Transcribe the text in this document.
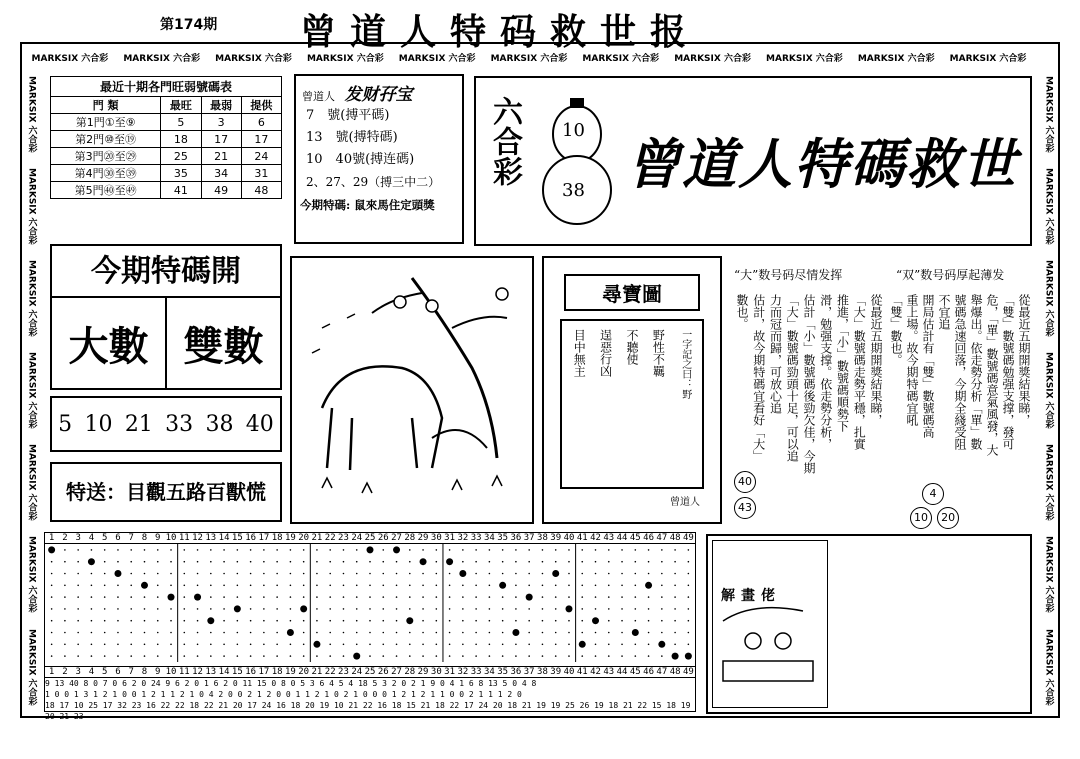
第174期 曾道人特码救世报
MARKSIX 六合彩 MARKSIX 六合彩 MARKSIX 六合彩 MARKSIX 六合彩 MARKSIX 六合彩 MARKSIX 六合彩 MARKSIX 六合彩 MARKSIX 六合彩 MARKSIX 六合彩 MARKSIX 六合彩 MARKSIX 六合彩
MARKSIX 六合彩
MARKSIX 六合彩
MARKSIX 六合彩
MARKSIX 六合彩
MARKSIX 六合彩
MARKSIX 六合彩
MARKSIX 六合彩
MARKSIX 六合彩
MARKSIX 六合彩
MARKSIX 六合彩
MARKSIX 六合彩
MARKSIX 六合彩
MARKSIX 六合彩
MARKSIX 六合彩
最近十期各門旺弱號碼表
門 類	最旺	最弱	提供
第1門①至⑨	5	3	6
第2門⑩至⑲	18	17	17
第3門⑳至㉙	25	21	24
第4門㉚至㊴	35	34	31
第5門㊵至㊾	41	49	48
曾道人 发财孖宝
7　號(搏平碼)
13　號(搏特碼)
10　40號(搏连碼)
2、27、29（搏三中二）
今期特碼: 鼠來馬住定頭獎
六合彩 10
38 曾道人特碼救世
今期特碼開
大數 雙數
5 10 21 33 38 40
特送：目觀五路百獸慌
尋寶圖
一字記之曰：野
野性不羈
不聽使
逞惡行凶
目中無主
曾道人
“大”数号码尽情发挥	“双”数号码厚起薄发
從最近五期開獎結果睇，
「大」數號碼走勢平穩，扎實
推進，「小」數號碼順勢下
滑，勉强支撑。依走勢分析，
估計「小」數號碼後勁欠佳，今期
「大」數號碼勁頭十足，可以追
力而冠而歸，可放心追
估計，故今期特碼宜看好「大」
數也。	從最近五期開獎結果睇，
「雙」數號碼勉强支撑，發可
危，「單」數號碼意氣風發，大
舉爆出。依走勢分析「單」數
號碼急速回落，今期全綫受阻
不宜追
開局估計有「雙」數號碼高
重上場。故今期特碼宜吼
「雙」數也。
40
43
4
10 20
1 2 3 4 5 6 7 8 9 10 11 12 13 14 15 16 17 18 19 20 21 22 23 24 25 26 27 28 29 30 31 32 33 34 35 36 37 38 39 40 41 42 43 44 45 46 47 48 49
1 2 3 4 5 6 7 8 9 10 11 12 13 14 15 16 17 18 19 20 21 22 23 24 25 26 27 28 29 30 31 32 33 34 35 36 37 38 39 40 41 42 43 44 45 46 47 48 49
9 13 40 8 0 7 0 6 2 0 24 9 6 2 0 1 6 2 0 11 15 0 8 0 5 3 6 4 5 4 18 5 3 2 0 2 1 9 0 4 1 6 8 13 5 0 4 8
1 0 0 1 3 1 2 1 0 0 1 2 1 1 2 1 0 4 2 0 0 2 1 2 0 0 1 1 2 1 0 2 1 0 0 0 1 2 1 2 1 1 0 0 2 1 1 1 2 0
18 17 10 25 17 32 23 16 22 22 18 22 21 20 17 24 16 18 20 19 10 21 22 16 18 15 21 18 22 17 24 20 18 21 19 19 25 26 19 18 21 22 15 18 19 20 21 23
解畫佬
